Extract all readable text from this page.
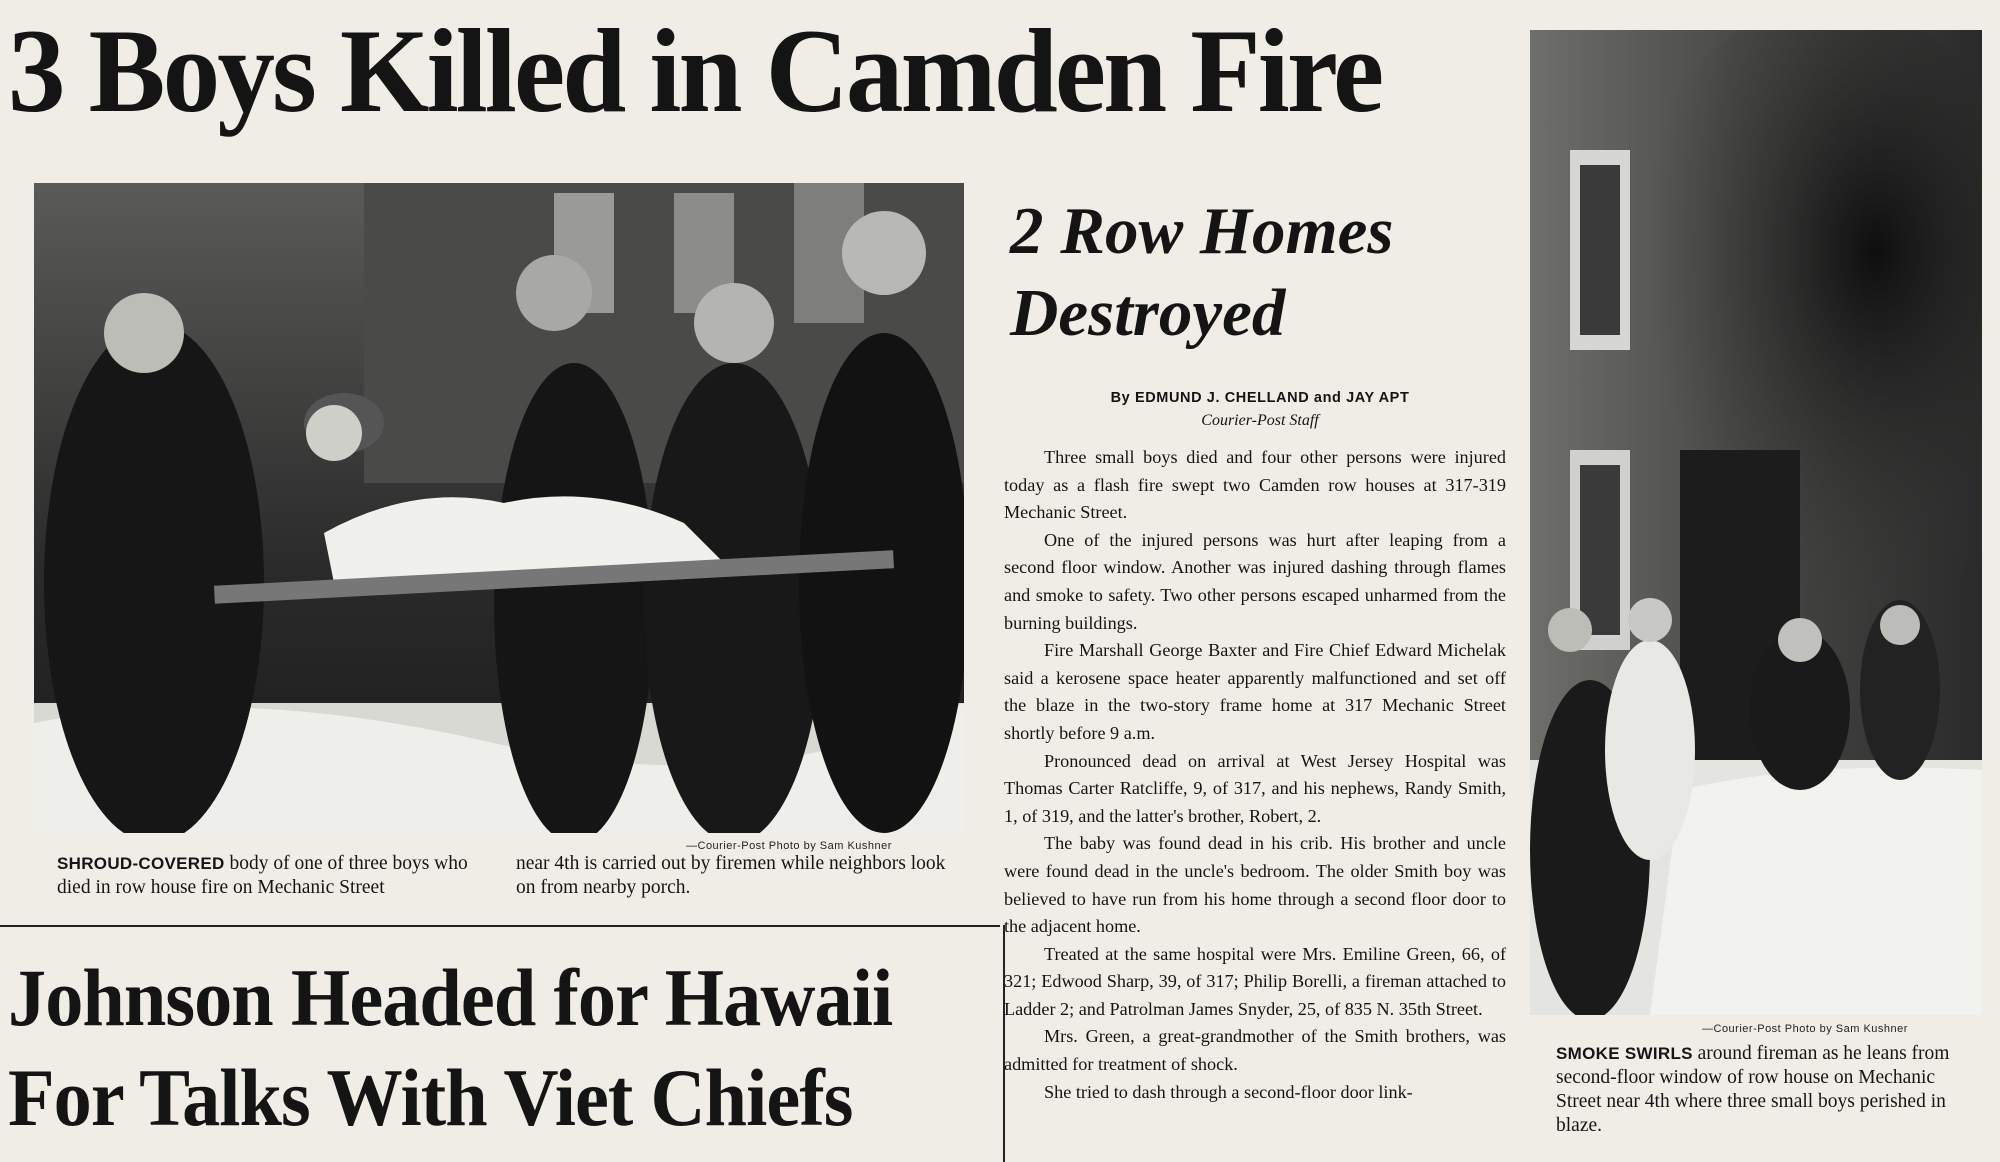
3 Boys Killed in Camden Fire
—Courier-Post Photo by Sam Kushner
SHROUD-COVERED body of one of three boys who died in row house fire on Mechanic Street
near 4th is carried out by firemen while neighbors look on from nearby porch.
2 Row Homes
Destroyed
By EDMUND J. CHELLAND and JAY APT
Courier-Post Staff

Three small boys died and four other persons were injured today as a flash fire swept two Camden row houses at 317-319 Mechanic Street.

One of the injured persons was hurt after leaping from a second floor window. Another was injured dashing through flames and smoke to safety. Two other persons escaped unharmed from the burning buildings.

Fire Marshall George Baxter and Fire Chief Edward Michelak said a kerosene space heater apparently malfunctioned and set off the blaze in the two-story frame home at 317 Mechanic Street shortly before 9 a.m.

Pronounced dead on arrival at West Jersey Hospital was Thomas Carter Ratcliffe, 9, of 317, and his nephews, Randy Smith, 1, of 319, and the latter's brother, Robert, 2.

The baby was found dead in his crib. His brother and uncle were found dead in the uncle's bedroom. The older Smith boy was believed to have run from his home through a second floor door to the adjacent home.

Treated at the same hospital were Mrs. Emiline Green, 66, of 321; Edwood Sharp, 39, of 317; Philip Borelli, a fireman attached to Ladder 2; and Patrolman James Snyder, 25, of 835 N. 35th Street.

Mrs. Green, a great-grandmother of the Smith brothers, was admitted for treatment of shock.

She tried to dash through a second-floor door link-

—Courier-Post Photo by Sam Kushner
SMOKE SWIRLS around fireman as he leans from second-floor window of row house on Mechanic Street near 4th where three small boys perished in blaze.
Johnson Headed for Hawaii
For Talks With Viet Chiefs
